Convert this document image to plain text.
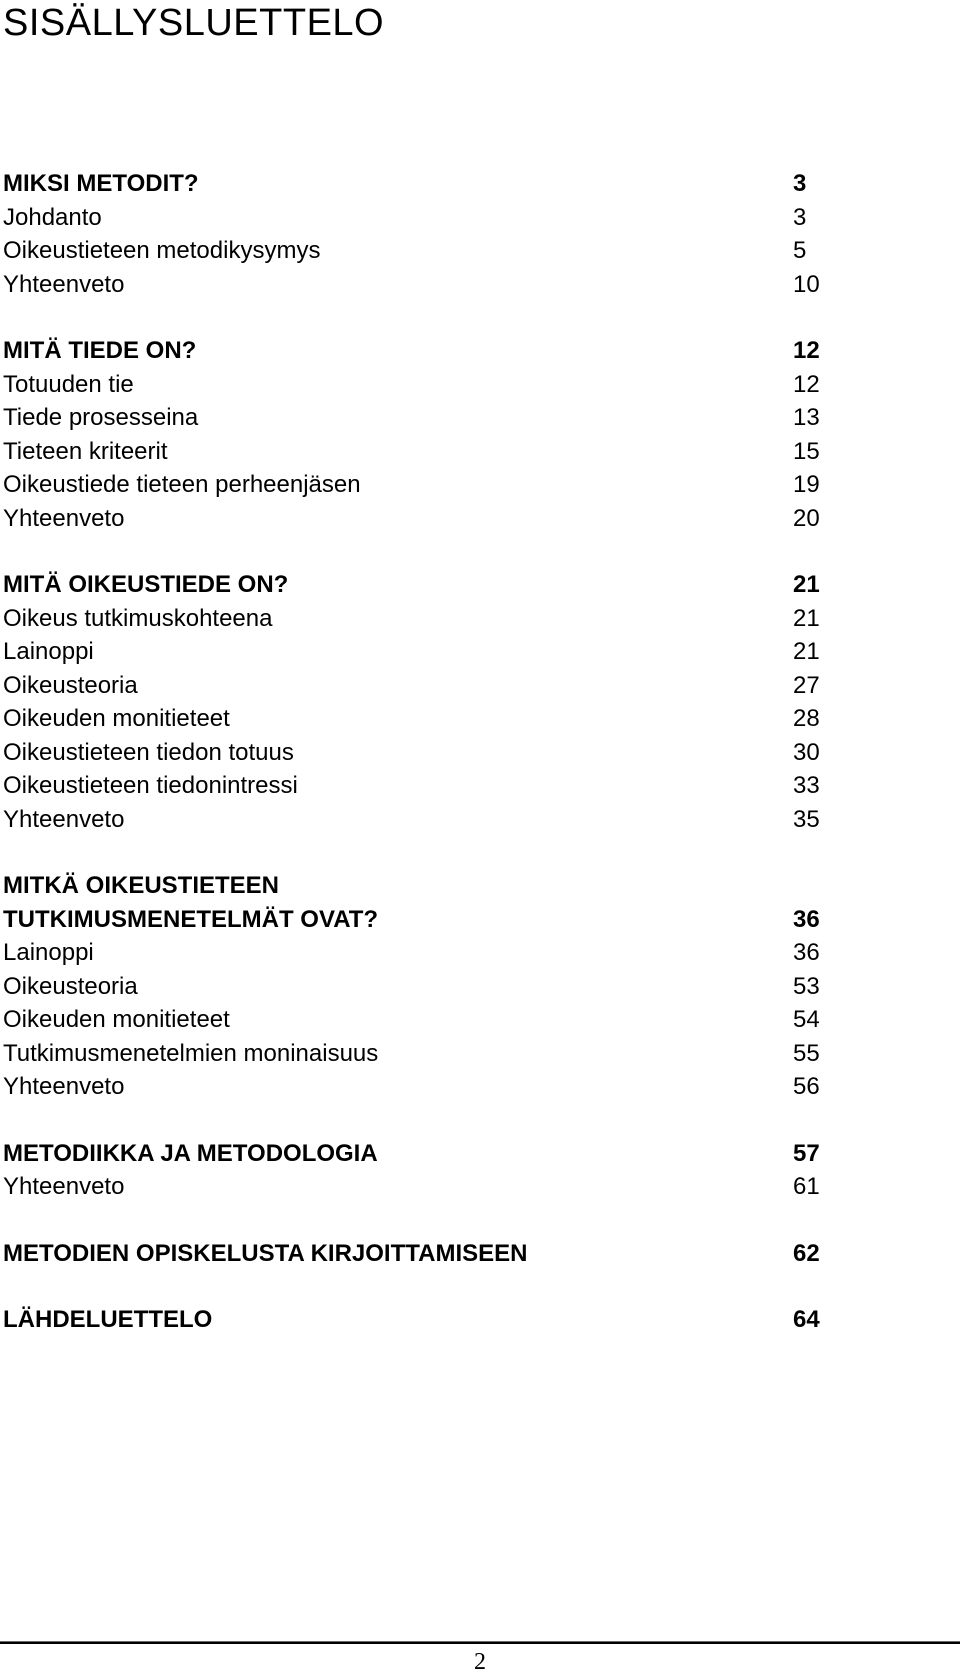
SISÄLLYSLUETTELO
MIKSI METODIT?	3
Johdanto	3
Oikeustieteen metodikysymys	5
Yhteenveto	10
MITÄ TIEDE ON?	12
Totuuden tie	12
Tiede prosesseina	13
Tieteen kriteerit	15
Oikeustiede tieteen perheenjäsen	19
Yhteenveto	20
MITÄ OIKEUSTIEDE ON?	21
Oikeus tutkimuskohteena	21
Lainoppi	21
Oikeusteoria	27
Oikeuden monitieteet	28
Oikeustieteen tiedon totuus	30
Oikeustieteen tiedonintressi	33
Yhteenveto	35
MITKÄ OIKEUSTIETEEN
TUTKIMUSMENETELMÄT OVAT?	36
Lainoppi	36
Oikeusteoria	53
Oikeuden monitieteet	54
Tutkimusmenetelmien moninaisuus	55
Yhteenveto	56
METODIIKKA JA METODOLOGIA	57
Yhteenveto	61
METODIEN OPISKELUSTA KIRJOITTAMISEEN	62
LÄHDELUETTELO	64
2
